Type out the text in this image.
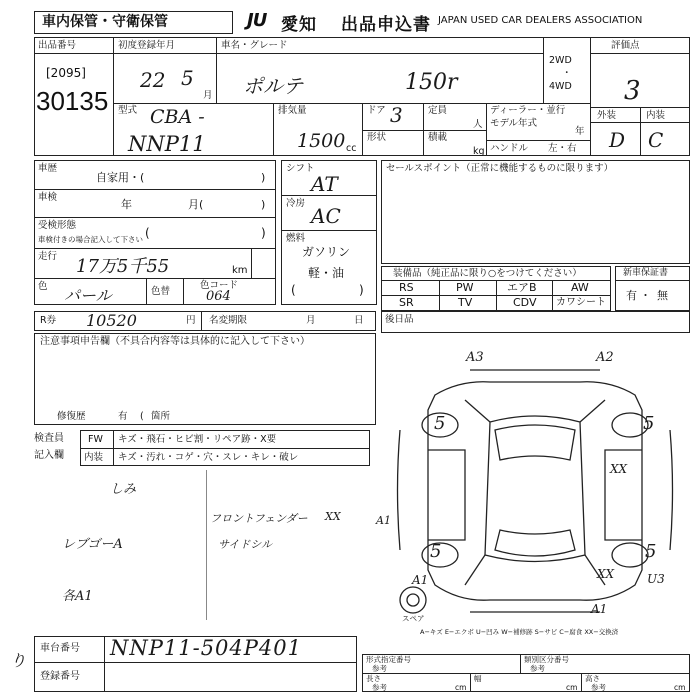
車内保管・守衛保管	JU 愛知 出品申込書 JAPAN USED CAR DEALERS ASSOCIATION
出品番号
[2095]
30135
初度登録年月
22 5
月
車名・グレード
ポルテ	150r
2WD
・
4WD
評価点
3
外装	内装
D C
型式 CBA -
NNP11
排気量
1500 cc
ドア 3	定員
人
形状	積載
kg
ディーラー・並行
モデル年式
年
ハンドル 左・右
車歴
自家用・(	)
車検
年	月(	)
受検形態
車検付きの場合記入して下さい (	)
走行 17万5千55	km
色 パール	色替
色コード
064
シフト
AT
冷房
AC
燃料
ガソリン
軽・油
(	)
セールスポイント（正常に機能するものに限ります）
装備品（純正品に限り○をつけてください）
RS	PW	エアB	AW
SR	TV	CDV カワシート
新車保証書
有 ・ 無
R券 10520	円 名変期限	月	日 後日品
注意事項申告欄（不具合内容等は具体的に記入して下さい）
修復歴	有 ( 箇所
検査員
記入欄
FW キズ・飛石・ヒビ割・リペア跡・X要
内装 キズ・汚れ・コゲ・穴・スレ・キレ・破レ
しみ
レブゴーA
各A1
フロントフェンダー
サイドシル
XX	A1
A3	A2
XX
XX	U3
A1
A1
5	5
5	5
スペア
A−キズ E−エクボ U−凹み W−補修跡 S−サビ C−腐食 XX−交換済
り
車台番号 NNP11-504P401
登録番号
形式指定番号
参考
類別区分番号
参考
長さ
参考	cm
幅
cm
高さ
参考	cm
